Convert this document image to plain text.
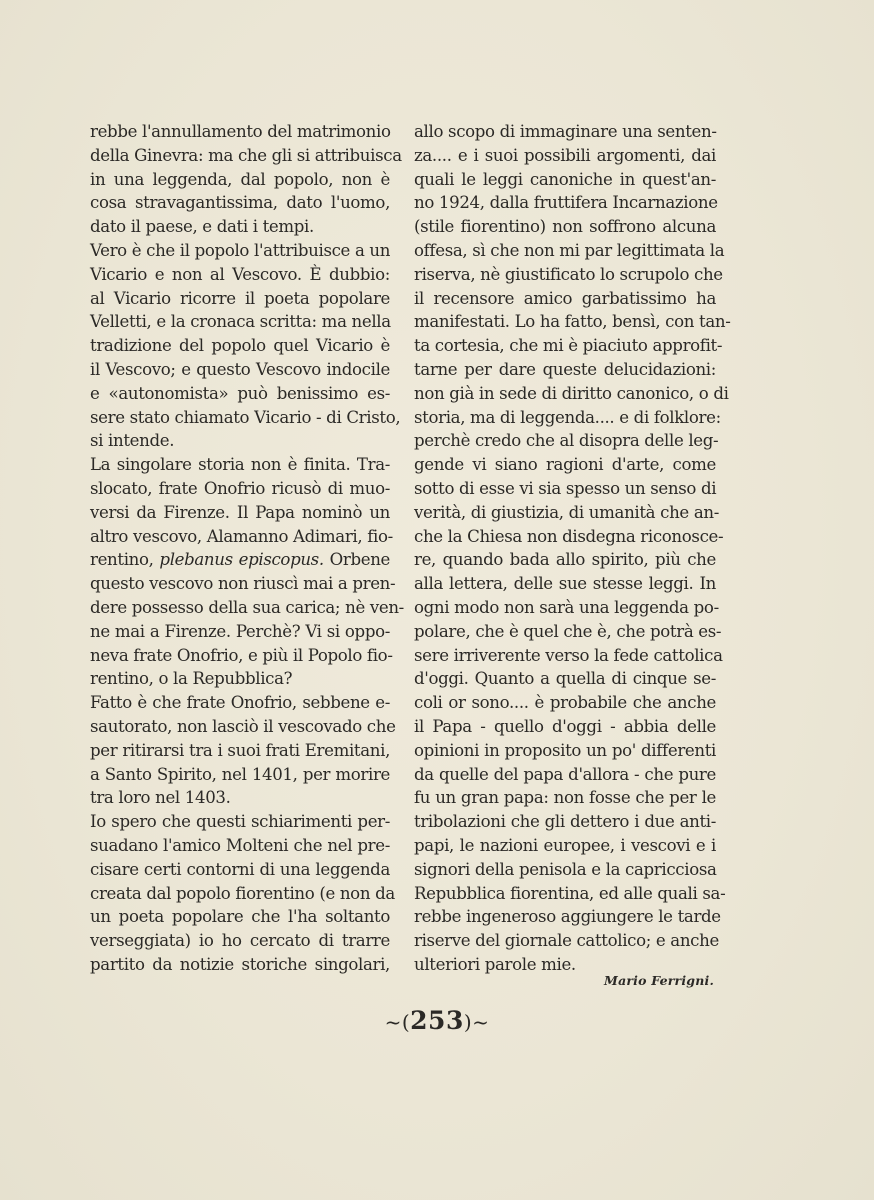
rebbe l'annullamento del matrimonio
della Ginevra: ma che gli si attribuisca
in una leggenda, dal popolo, non è
cosa stravagantissima, dato l'uomo,
dato il paese, e dati i tempi.
Vero è che il popolo l'attribuisce a un
Vicario e non al Vescovo. È dubbio:
al Vicario ricorre il poeta popolare
Velletti, e la cronaca scritta: ma nella
tradizione del popolo quel Vicario è
il Vescovo; e questo Vescovo indocile
e «autonomista» può benissimo es-
sere stato chiamato Vicario - di Cristo,
si intende.
La singolare storia non è finita. Tra-
slocato, frate Onofrio ricusò di muo-
versi da Firenze. Il Papa nominò un
altro vescovo, Alamanno Adimari, fio-
rentino, plebanus episcopus. Orbene
questo vescovo non riuscì mai a pren-
dere possesso della sua carica; nè ven-
ne mai a Firenze. Perchè? Vi si oppo-
neva frate Onofrio, e più il Popolo fio-
rentino, o la Repubblica?
Fatto è che frate Onofrio, sebbene e-
sautorato, non lasciò il vescovado che
per ritirarsi tra i suoi frati Eremitani,
a Santo Spirito, nel 1401, per morire
tra loro nel 1403.
Io spero che questi schiarimenti per-
suadano l'amico Molteni che nel pre-
cisare certi contorni di una leggenda
creata dal popolo fiorentino (e non da
un poeta popolare che l'ha soltanto
verseggiata) io ho cercato di trarre
partito da notizie storiche singolari,
allo scopo di immaginare una senten-
za.... e i suoi possibili argomenti, dai
quali le leggi canoniche in quest'an-
no 1924, dalla fruttifera Incarnazione
(stile fiorentino) non soffrono alcuna
offesa, sì che non mi par legittimata la
riserva, nè giustificato lo scrupolo che
il recensore amico garbatissimo ha
manifestati. Lo ha fatto, bensì, con tan-
ta cortesia, che mi è piaciuto approfit-
tarne per dare queste delucidazioni:
non già in sede di diritto canonico, o di
storia, ma di leggenda.... e di folklore:
perchè credo che al disopra delle leg-
gende vi siano ragioni d'arte, come
sotto di esse vi sia spesso un senso di
verità, di giustizia, di umanità che an-
che la Chiesa non disdegna riconosce-
re, quando bada allo spirito, più che
alla lettera, delle sue stesse leggi. In
ogni modo non sarà una leggenda po-
polare, che è quel che è, che potrà es-
sere irriverente verso la fede cattolica
d'oggi. Quanto a quella di cinque se-
coli or sono.... è probabile che anche
il Papa - quello d'oggi - abbia delle
opinioni in proposito un po' differenti
da quelle del papa d'allora - che pure
fu un gran papa: non fosse che per le
tribolazioni che gli dettero i due anti-
papi, le nazioni europee, i vescovi e i
signori della penisola e la capricciosa
Repubblica fiorentina, ed alle quali sa-
rebbe ingeneroso aggiungere le tarde
riserve del giornale cattolico; e anche
ulteriori parole mie.
Mario Ferrigni.
~(253)~
